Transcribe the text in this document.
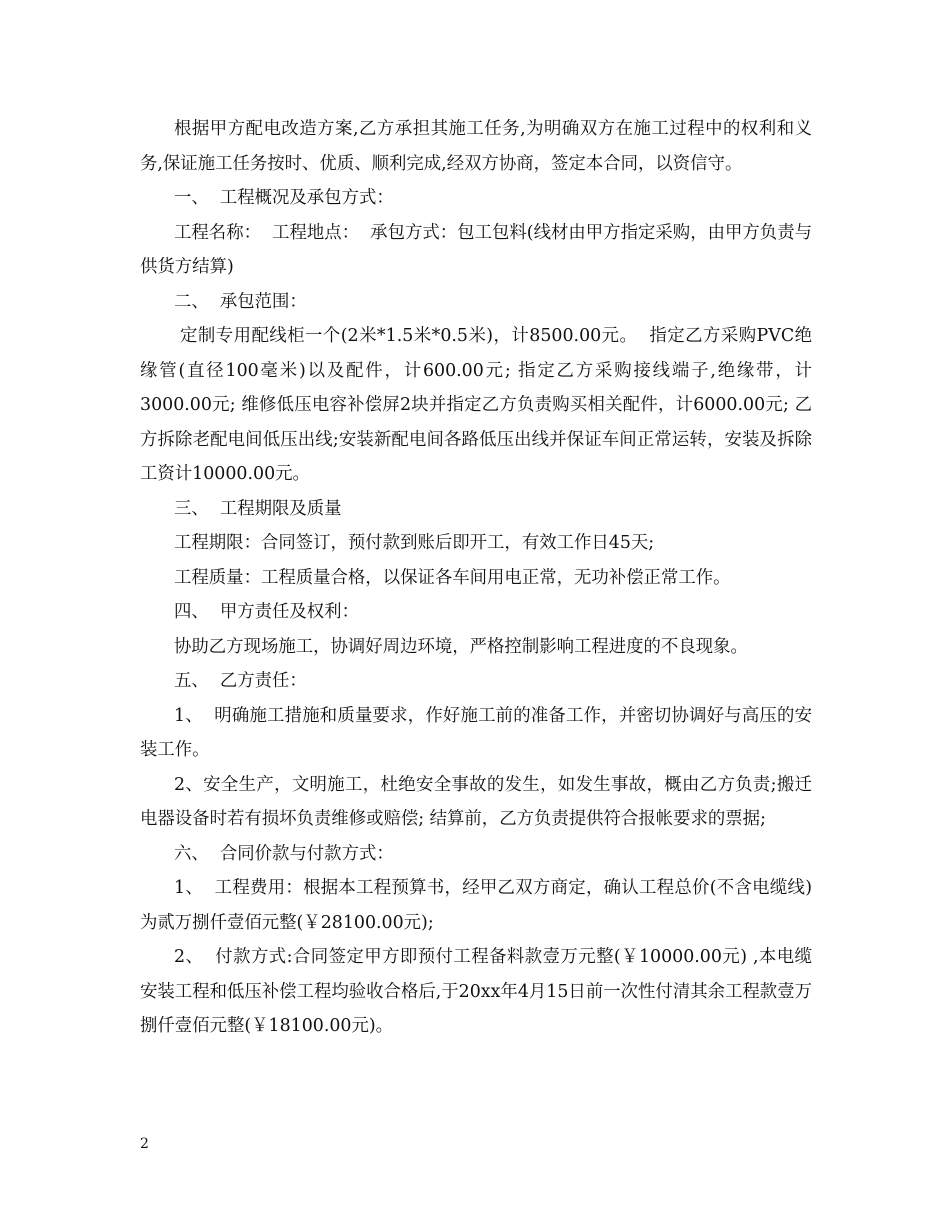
根据甲方配电改造方案,乙方承担其施工任务,为明确双方在施工过程中的权利和义务,保证施工任务按时、优质、顺利完成,经双方协商，签定本合同，以资信守。

一、  工程概况及承包方式：

工程名称：  工程地点：  承包方式：包工包料(线材由甲方指定采购，由甲方负责与供货方结算)

二、  承包范围：

定制专用配线柜一个(2米*1.5米*0.5米)，计8500.00元。  指定乙方采购PVC绝缘管(直径100毫米)以及配件，计600.00元; 指定乙方采购接线端子,绝缘带，计3000.00元; 维修低压电容补偿屏2块并指定乙方负责购买相关配件，计6000.00元; 乙方拆除老配电间低压出线;安装新配电间各路低压出线并保证车间正常运转，安装及拆除工资计10000.00元。

三、  工程期限及质量

工程期限：合同签订，预付款到账后即开工，有效工作日45天;

工程质量：工程质量合格，以保证各车间用电正常，无功补偿正常工作。

四、  甲方责任及权利：

协助乙方现场施工，协调好周边环境，严格控制影响工程进度的不良现象。

五、  乙方责任：

1、  明确施工措施和质量要求，作好施工前的准备工作，并密切协调好与高压的安装工作。

2、安全生产，文明施工，杜绝安全事故的发生，如发生事故，概由乙方负责;搬迁电器设备时若有损坏负责维修或赔偿; 结算前，乙方负责提供符合报帐要求的票据;

六、  合同价款与付款方式：

1、  工程费用：根据本工程预算书，经甲乙双方商定，确认工程总价(不含电缆线)为贰万捌仟壹佰元整(￥28100.00元);

2、  付款方式:合同签定甲方即预付工程备料款壹万元整(￥10000.00元) ,本电缆安装工程和低压补偿工程均验收合格后,于20xx年4月15日前一次性付清其余工程款壹万捌仟壹佰元整(￥18100.00元)。

2
